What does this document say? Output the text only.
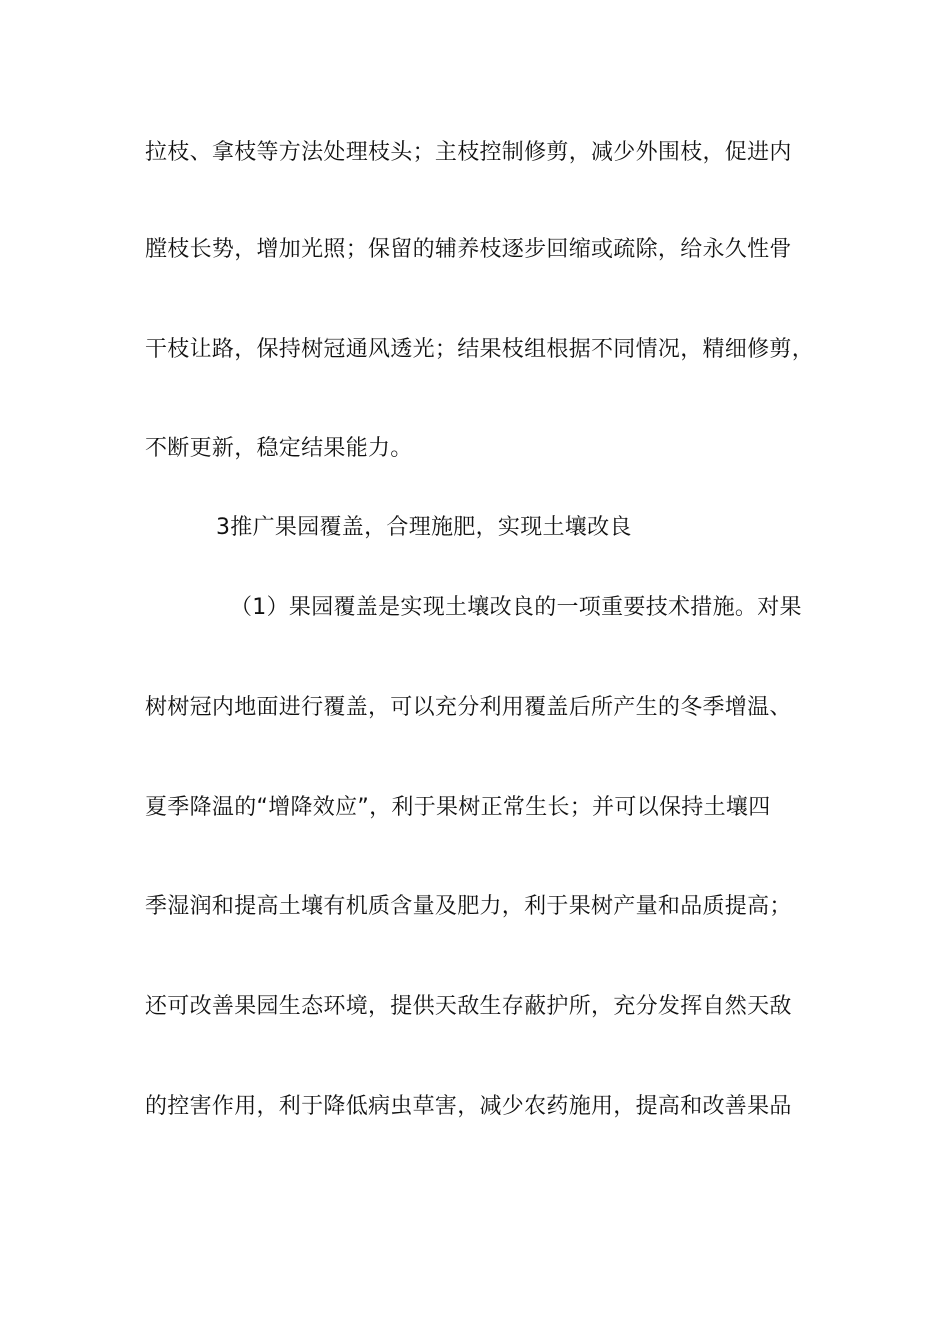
拉枝、拿枝等方法处理枝头；主枝控制修剪，减少外围枝，促进内
膛枝长势，增加光照；保留的辅养枝逐步回缩或疏除，给永久性骨
干枝让路，保持树冠通风透光；结果枝组根据不同情况，精细修剪，
不断更新，稳定结果能力。
3推广果园覆盖，合理施肥，实现土壤改良
（1）果园覆盖是实现土壤改良的一项重要技术措施。对果
树树冠内地面进行覆盖，可以充分利用覆盖后所产生的冬季增温、
夏季降温的“增降效应”，利于果树正常生长；并可以保持土壤四
季湿润和提高土壤有机质含量及肥力，利于果树产量和品质提高；
还可改善果园生态环境，提供天敌生存蔽护所，充分发挥自然天敌
的控害作用，利于降低病虫草害，减少农药施用，提高和改善果品
